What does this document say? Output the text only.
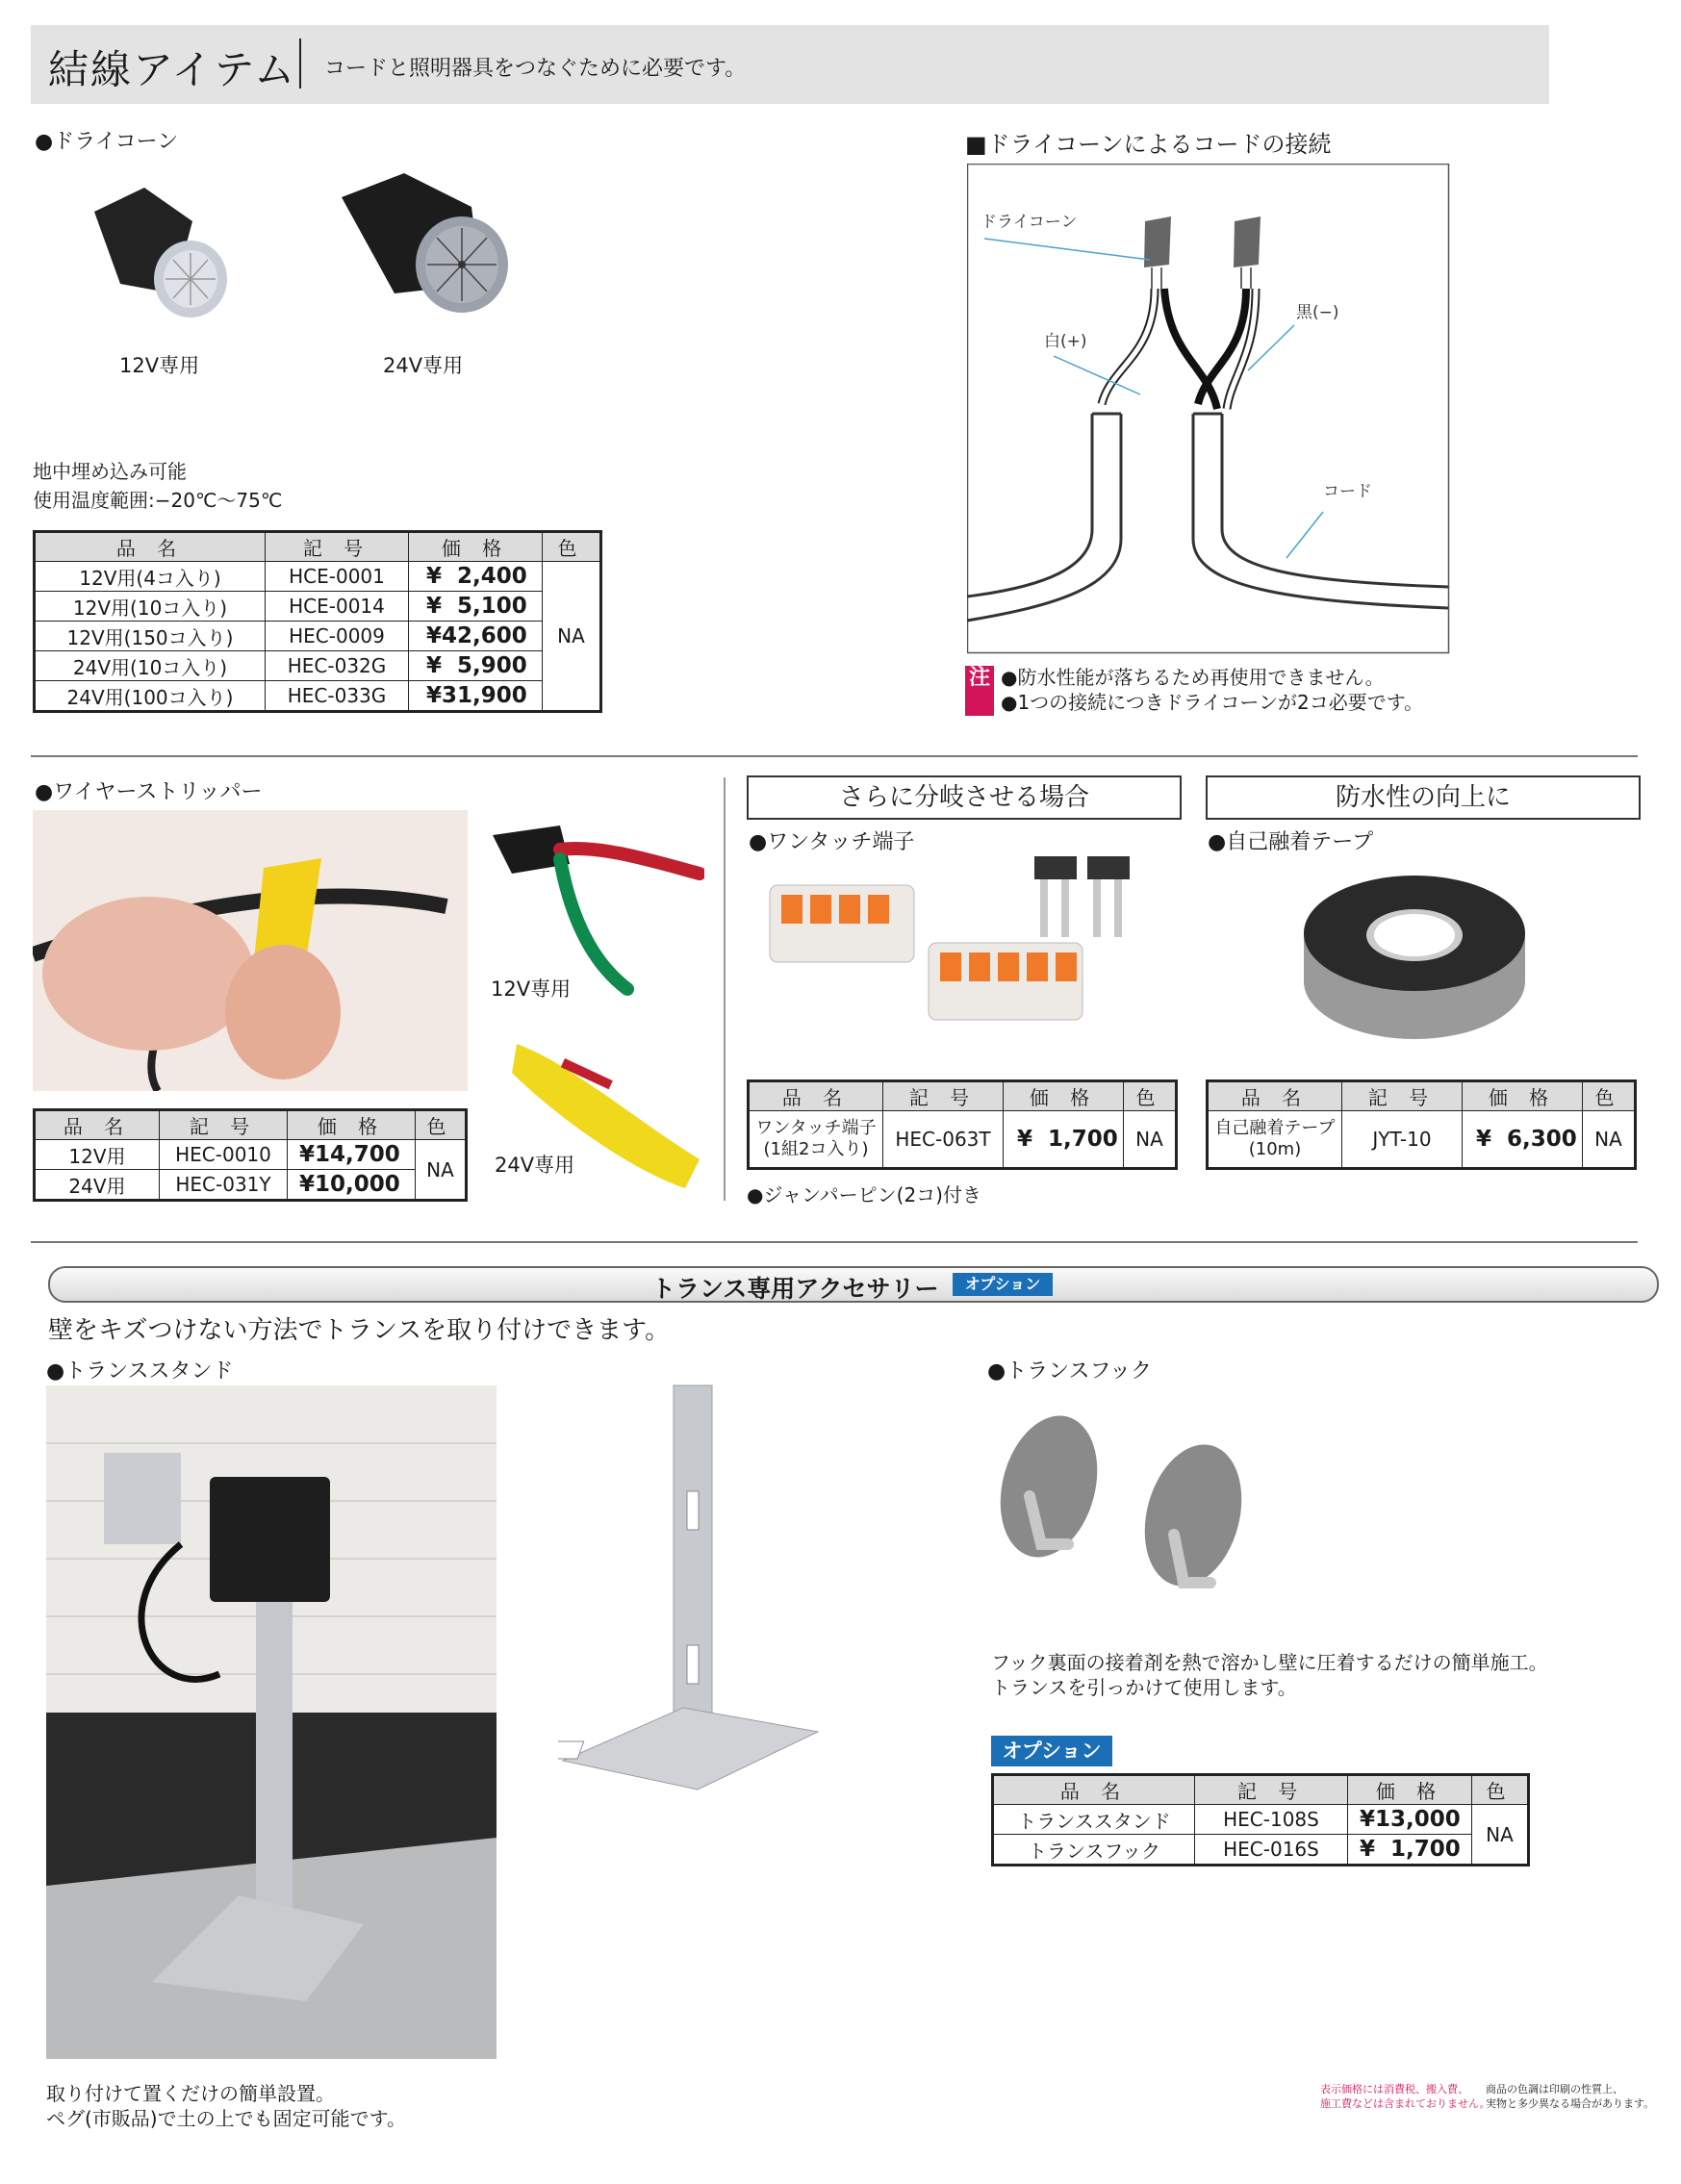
結線アイテム コードと照明器具をつなぐために必要です。
●ドライコーン
12V専用	24V専用
地中埋め込み可能
使用温度範囲:−20℃〜75℃
品 名	記 号	価 格	色
12V用(4コ入り)	HCE-0001	¥  2,400	NA
12V用(10コ入り)	HCE-0014	¥  5,100	
12V用(150コ入り)	HEC-0009	¥42,600	
24V用(10コ入り)	HEC-032G	¥  5,900	
24V用(100コ入り)	HEC-033G	¥31,900	
■ドライコーンによるコードの接続
ドライコーン
白(+)
黒(−)
コード
注 ●防水性能が落ちるため再使用できません。
●1つの接続につきドライコーンが2コ必要です。
●ワイヤーストリッパー
12V専用
24V専用
品 名	記 号	価 格	色
12V用	HEC-0010	¥14,700	NA
24V用	HEC-031Y	¥10,000	
さらに分岐させる場合
●ワンタッチ端子
品 名	記 号	価 格	色
ワンタッチ端子
(1組2コ入り)	HEC-063T	¥  1,700	NA
●ジャンパーピン(2コ)付き
防水性の向上に
●自己融着テープ
品 名	記 号	価 格	色
自己融着テープ
(10m)	JYT-10	¥  6,300	NA
トランス専用アクセサリー	オプション
壁をキズつけない方法でトランスを取り付けできます。
●トランススタンド
取り付けて置くだけの簡単設置。
ペグ(市販品)で土の上でも固定可能です。
●トランスフック
フック裏面の接着剤を熱で溶かし壁に圧着するだけの簡単施工。
トランスを引っかけて使用します。
オプション
品 名	記 号	価 格	色
トランススタンド	HEC-108S	¥13,000	NA
トランスフック	HEC-016S	¥  1,700	
表示価格には消費税、搬入費、
施工費などは含まれておりません。
商品の色調は印刷の性質上、
実物と多少異なる場合があります。
